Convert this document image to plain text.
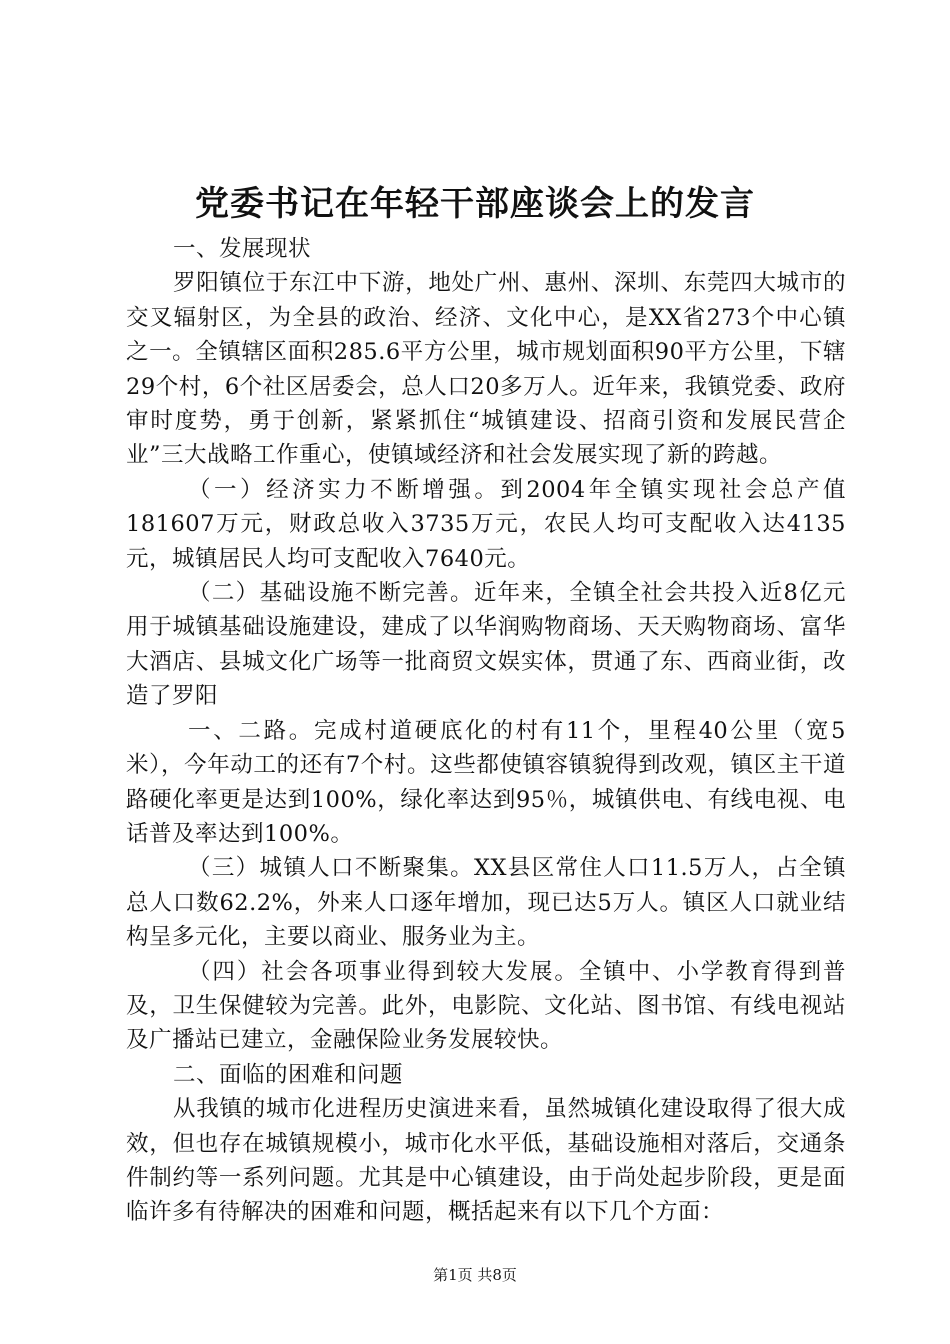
党委书记在年轻干部座谈会上的发言

一、发展现状

罗阳镇位于东江中下游，地处广州、惠州、深圳、东莞四大城市的交叉辐射区，为全县的政治、经济、文化中心，是XX省273个中心镇之一。全镇辖区面积285.6平方公里，城市规划面积90平方公里，下辖29个村，6个社区居委会，总人口20多万人。近年来，我镇党委、政府审时度势，勇于创新，紧紧抓住“城镇建设、招商引资和发展民营企业”三大战略工作重心，使镇域经济和社会发展实现了新的跨越。

（一）经济实力不断增强。到2004年全镇实现社会总产值181607万元，财政总收入3735万元，农民人均可支配收入达4135元，城镇居民人均可支配收入7640元。

（二）基础设施不断完善。近年来，全镇全社会共投入近8亿元用于城镇基础设施建设，建成了以华润购物商场、天天购物商场、富华大酒店、县城文化广场等一批商贸文娱实体，贯通了东、西商业街，改造了罗阳

一、二路。完成村道硬底化的村有11个，里程40公里（宽5米），今年动工的还有7个村。这些都使镇容镇貌得到改观，镇区主干道路硬化率更是达到100%，绿化率达到95％，城镇供电、有线电视、电话普及率达到100%。

（三）城镇人口不断聚集。XX县区常住人口11.5万人，占全镇总人口数62.2%，外来人口逐年增加，现已达5万人。镇区人口就业结构呈多元化，主要以商业、服务业为主。

（四）社会各项事业得到较大发展。全镇中、小学教育得到普及，卫生保健较为完善。此外，电影院、文化站、图书馆、有线电视站及广播站已建立，金融保险业务发展较快。

二、面临的困难和问题

从我镇的城市化进程历史演进来看，虽然城镇化建设取得了很大成效，但也存在城镇规模小，城市化水平低，基础设施相对落后，交通条件制约等一系列问题。尤其是中心镇建设，由于尚处起步阶段，更是面临许多有待解决的困难和问题，概括起来有以下几个方面：

第1页 共8页
